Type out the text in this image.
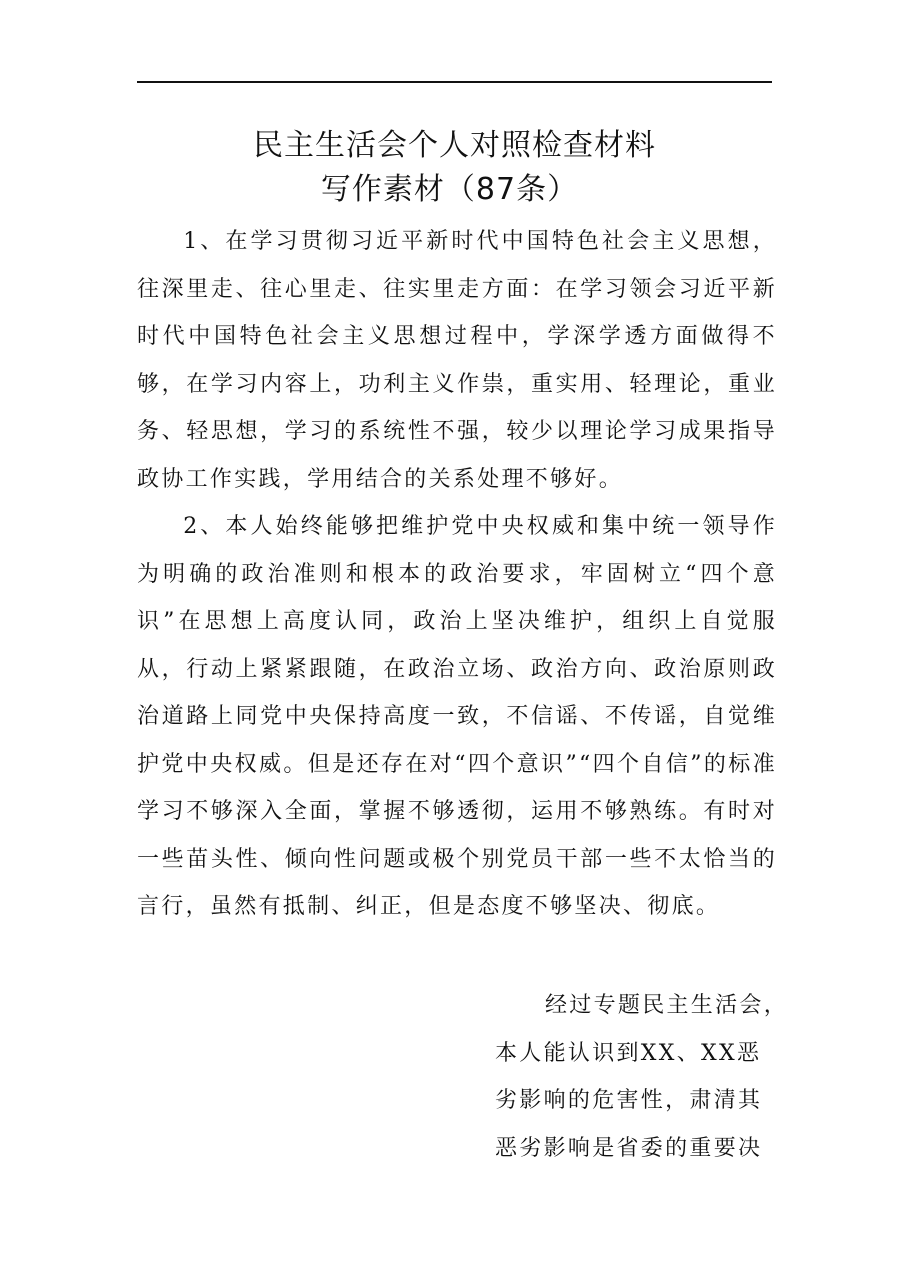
民主生活会个人对照检查材料
写作素材（87条）

1、在学习贯彻习近平新时代中国特色社会主义思想，往深里走、往心里走、往实里走方面：在学习领会习近平新时代中国特色社会主义思想过程中，学深学透方面做得不够，在学习内容上，功利主义作祟，重实用、轻理论，重业务、轻思想，学习的系统性不强，较少以理论学习成果指导政协工作实践，学用结合的关系处理不够好。

2、本人始终能够把维护党中央权威和集中统一领导作为明确的政治准则和根本的政治要求，牢固树立“四个意识”在思想上高度认同，政治上坚决维护，组织上自觉服从，行动上紧紧跟随，在政治立场、政治方向、政治原则政治道路上同党中央保持高度一致，不信谣、不传谣，自觉维护党中央权威。但是还存在对“四个意识”“四个自信”的标准学习不够深入全面，掌握不够透彻，运用不够熟练。有时对一些苗头性、倾向性问题或极个别党员干部一些不太恰当的言行，虽然有抵制、纠正，但是态度不够坚决、彻底。

经过专题民主生活会，
本人能认识到XX、XX恶
劣影响的危害性，肃清其
恶劣影响是省委的重要决
